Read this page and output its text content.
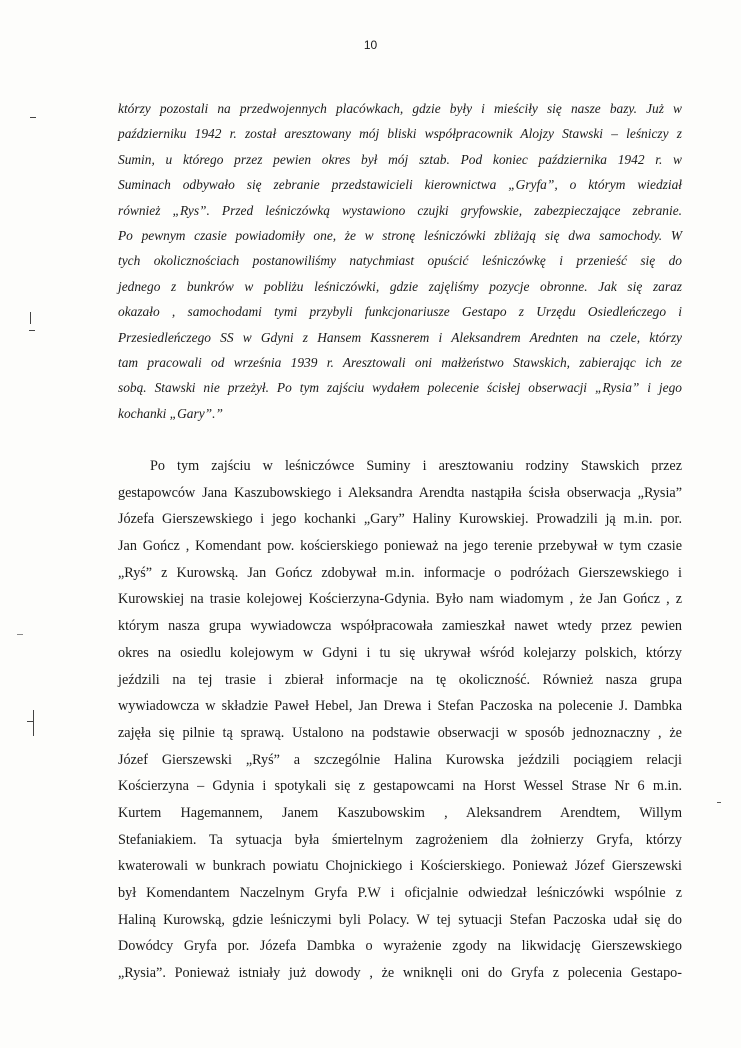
10
którzy pozostali na przedwojennych placówkach, gdzie były i mieściły się nasze bazy. Już w
październiku 1942 r. został aresztowany mój bliski współpracownik Alojzy Stawski – leśniczy z
Sumin, u którego przez pewien okres był mój sztab. Pod koniec października 1942 r. w
Suminach odbywało się zebranie przedstawicieli kierownictwa „Gryfa”, o którym wiedział
również „Rys”. Przed leśniczówką wystawiono czujki gryfowskie, zabezpieczające zebranie.
Po pewnym czasie powiadomiły one, że w stronę leśniczówki zbliżają się dwa samochody. W
tych okolicznościach postanowiliśmy natychmiast opuścić leśniczówkę i przenieść się do
jednego z bunkrów w pobliżu leśniczówki, gdzie zajęliśmy pozycje obronne. Jak się zaraz
okazało , samochodami tymi przybyli funkcjonariusze Gestapo z Urzędu Osiedleńczego i
Przesiedleńczego SS w Gdyni z Hansem Kassnerem i Aleksandrem Arednten na czele, którzy
tam pracowali od września 1939 r. Aresztowali oni małżeństwo Stawskich, zabierając ich ze
sobą. Stawski nie przeżył. Po tym zajściu wydałem polecenie ścisłej obserwacji „Rysia” i jego
kochanki „Gary”.”
Po tym zajściu w leśniczówce Suminy i aresztowaniu rodziny Stawskich przez
gestapowców Jana Kaszubowskiego i Aleksandra Arendta nastąpiła ścisła obserwacja „Rysia”
Józefa Gierszewskiego i jego kochanki „Gary” Haliny Kurowskiej. Prowadzili ją m.in. por.
Jan Gończ , Komendant pow. kościerskiego ponieważ na jego terenie przebywał w tym czasie
„Ryś” z Kurowską. Jan Gończ zdobywał m.in. informacje o podróżach Gierszewskiego i
Kurowskiej na trasie kolejowej Kościerzyna-Gdynia. Było nam wiadomym , że Jan Gończ , z
którym nasza grupa wywiadowcza współpracowała zamieszkał nawet wtedy przez pewien
okres na osiedlu kolejowym w Gdyni i tu się ukrywał wśród kolejarzy polskich, którzy
jeździli na tej trasie i zbierał informacje na tę okoliczność. Również nasza grupa
wywiadowcza w składzie Paweł Hebel, Jan Drewa i Stefan Paczoska na polecenie J. Dambka
zajęła się pilnie tą sprawą. Ustalono na podstawie obserwacji w sposób jednoznaczny , że
Józef Gierszewski „Ryś” a szczególnie Halina Kurowska jeździli pociągiem relacji
Kościerzyna – Gdynia i spotykali się z gestapowcami na Horst Wessel Strase Nr 6 m.in.
Kurtem Hagemannem, Janem Kaszubowskim , Aleksandrem Arendtem, Willym
Stefaniakiem. Ta sytuacja była śmiertelnym zagrożeniem dla żołnierzy Gryfa, którzy
kwaterowali w bunkrach powiatu Chojnickiego i Kościerskiego. Ponieważ Józef Gierszewski
był Komendantem Naczelnym Gryfa P.W i oficjalnie odwiedzał leśniczówki wspólnie z
Haliną Kurowską, gdzie leśniczymi byli Polacy. W tej sytuacji Stefan Paczoska udał się do
Dowódcy Gryfa por. Józefa Dambka o wyrażenie zgody na likwidację Gierszewskiego
„Rysia”. Ponieważ istniały już dowody , że wniknęli oni do Gryfa z polecenia Gestapo-
